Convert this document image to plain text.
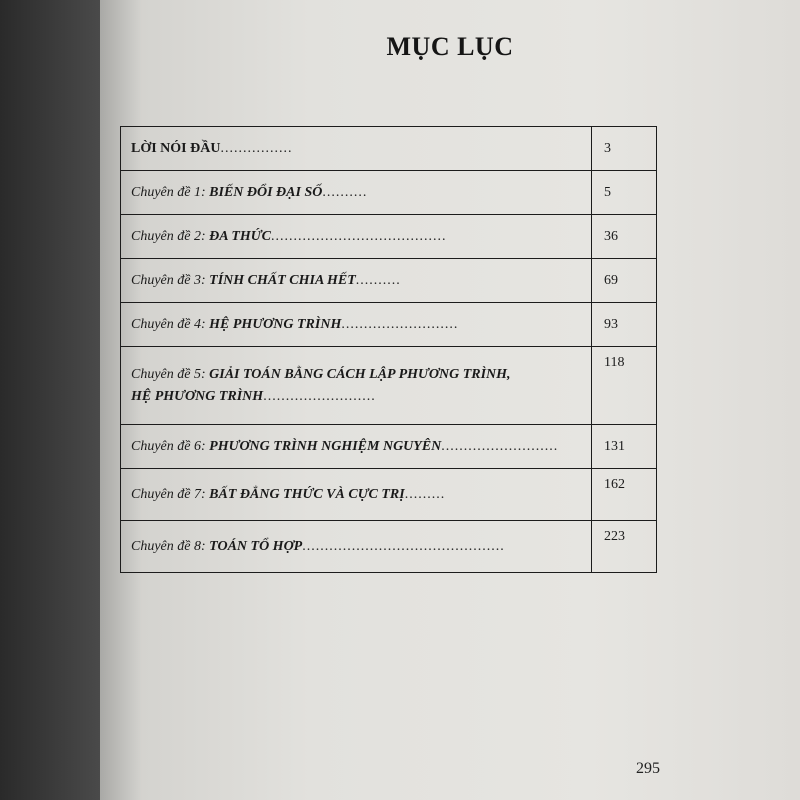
MỤC LỤC
LỜI NÓI ĐẦU................	3
Chuyên đề 1: BIẾN ĐỔI ĐẠI SỐ..........	5
Chuyên đề 2: ĐA THỨC.......................................	36
Chuyên đề 3: TÍNH CHẤT CHIA HẾT..........	69
Chuyên đề 4: HỆ PHƯƠNG TRÌNH..........................	93
Chuyên đề 5: GIẢI TOÁN BẰNG CÁCH LẬP PHƯƠNG TRÌNH,
HỆ PHƯƠNG TRÌNH.........................	118
Chuyên đề 6: PHƯƠNG TRÌNH NGHIỆM NGUYÊN..........................	131
Chuyên đề 7: BẤT ĐẲNG THỨC VÀ CỰC TRỊ.........	162
Chuyên đề 8: TOÁN TỔ HỢP.............................................	223
295
